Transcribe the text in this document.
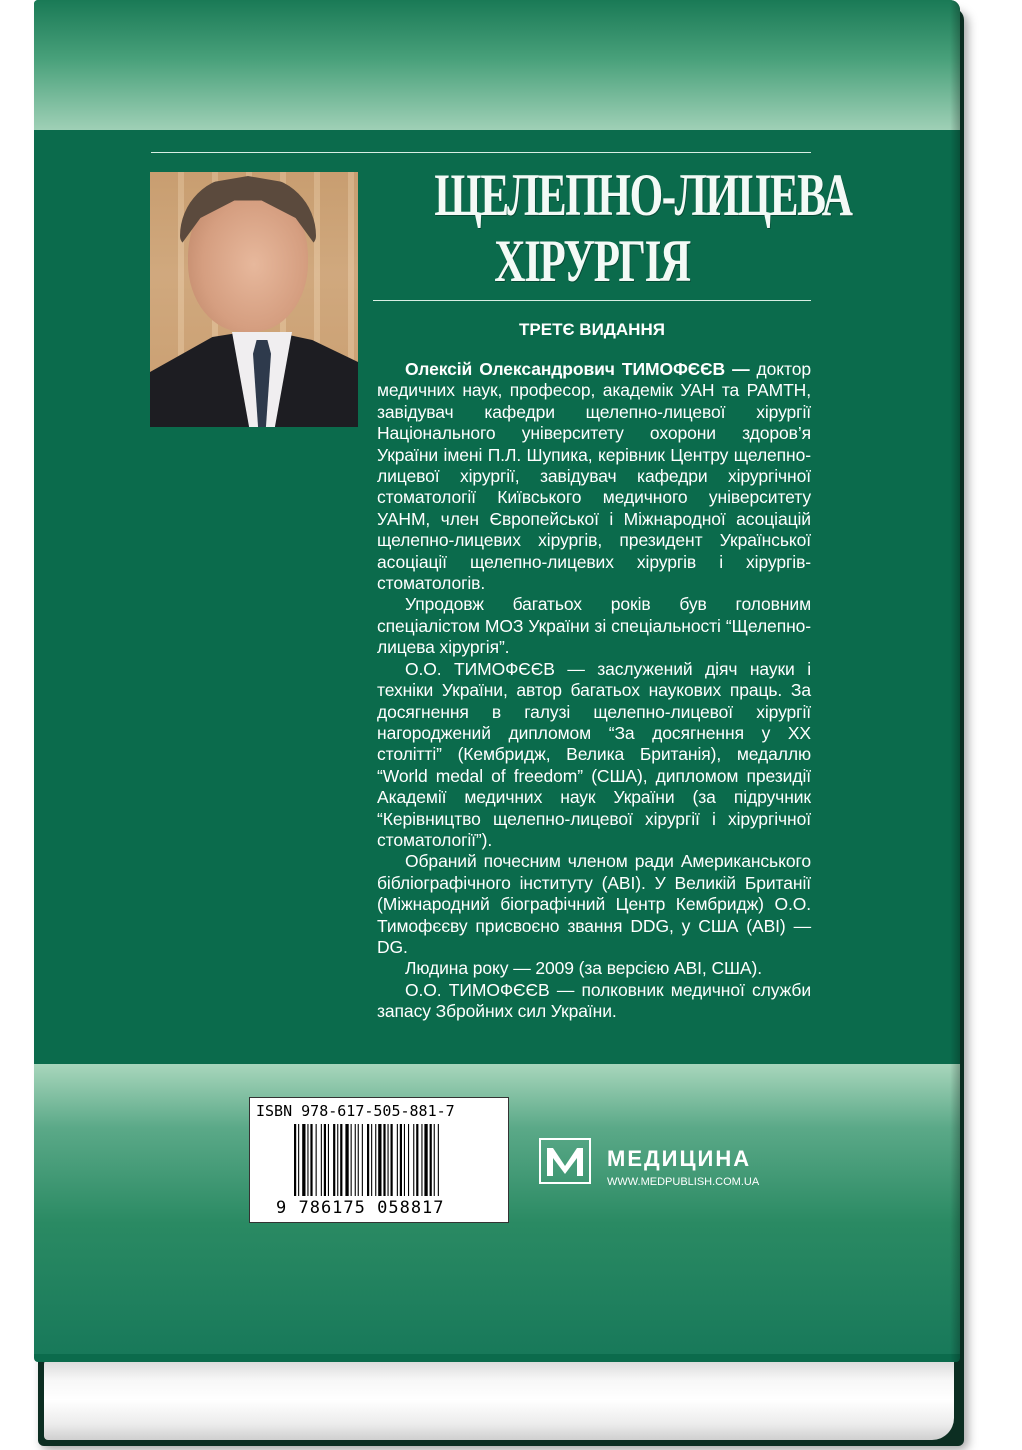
ЩЕЛЕПНО-ЛИЦЕВА
ХІРУРГІЯ
ТРЕТЄ ВИДАННЯ

Олексій Олександрович ТИМОФЄЄВ — доктор медичних наук, професор, академік УАН та РАМТН, завідувач кафедри щелепно-лицевої хірургії Національного університету охорони здоров’я України імені П.Л. Шупика, керівник Центру щелепно-лицевої хірургії, завідувач кафедри хірургічної стоматології Київського медичного університету УАНМ, член Європейської і Міжнародної асоціацій щелепно-лицевих хірургів, президент Української асоціації щелепно-лицевих хірургів і хірургів-стоматологів.

Упродовж багатьох років був головним спеціалістом МОЗ України зі спеціальності “Щелепно-лицева хірургія”.

О.О. ТИМОФЄЄВ — заслужений діяч науки і техніки України, автор багатьох наукових праць. За досягнення в галузі щелепно-лицевої хірургії нагороджений дипломом “За досягнення у ХХ столітті” (Кембридж, Велика Британія), медаллю “World medal of freedom” (США), дипломом президії Академії медичних наук України (за підручник “Керівництво щелепно-лицевої хірургії і хірургічної стоматології”).

Обраний почесним членом ради Американського бібліографічного інституту (ABI). У Великій Британії (Міжнародний біографічний Центр Кембридж) О.О. Тимофєєву присвоєно звання DDG, у США (ABI) — DG.

Людина року — 2009 (за версією ABI, США).

О.О. ТИМОФЄЄВ — полковник медичної служби запасу Збройних сил України.

ISBN 978-617-505-881-7
9 786175 058817
МЕДИЦИНА
WWW.MEDPUBLISH.COM.UA
